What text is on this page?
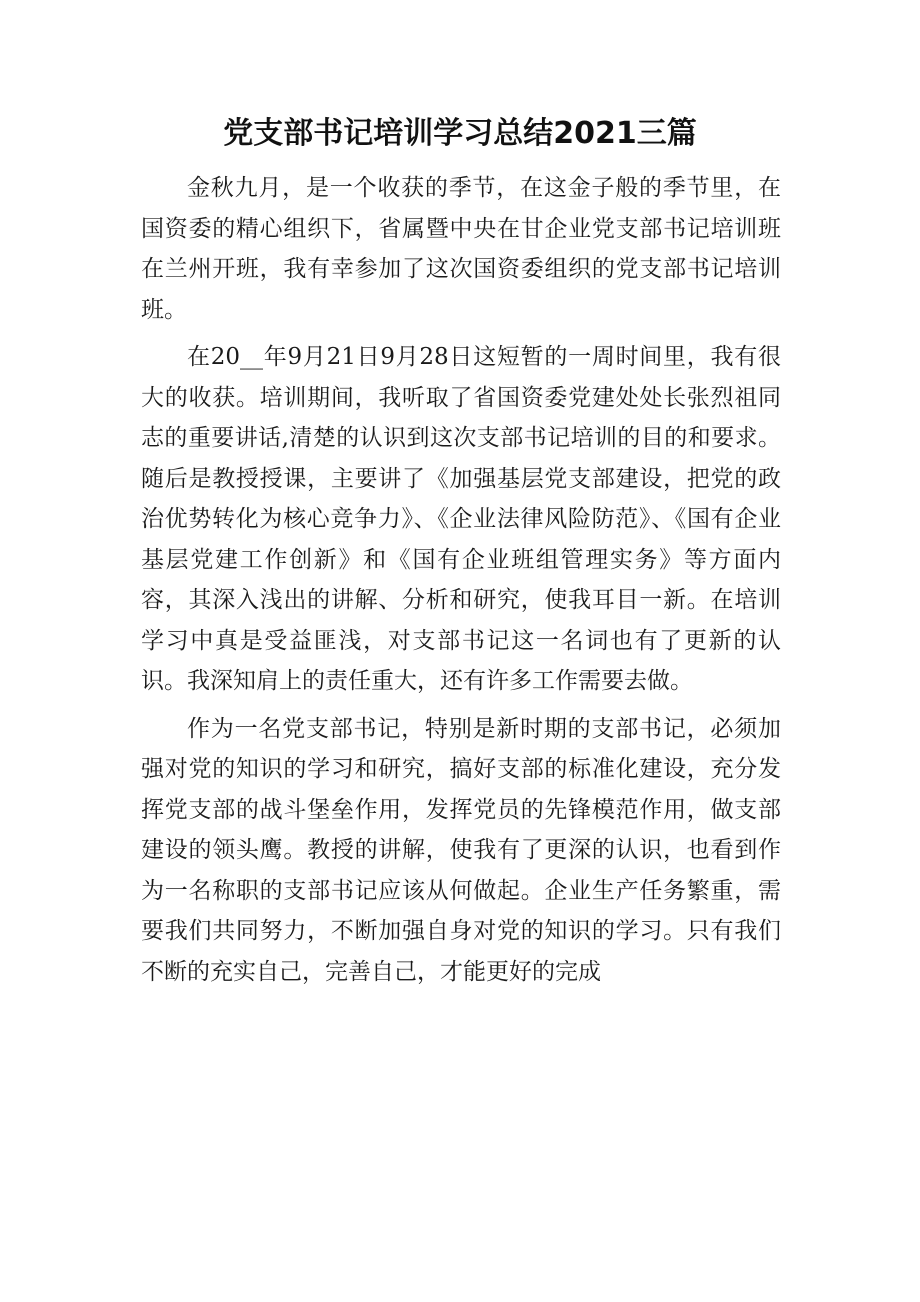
党支部书记培训学习总结2021三篇

金秋九月，是一个收获的季节，在这金子般的季节里，在国资委的精心组织下，省属暨中央在甘企业党支部书记培训班在兰州开班，我有幸参加了这次国资委组织的党支部书记培训班。

在20__年9月21日9月28日这短暂的一周时间里，我有很大的收获。培训期间，我听取了省国资委党建处处长张烈祖同志的重要讲话,清楚的认识到这次支部书记培训的目的和要求。随后是教授授课，主要讲了《加强基层党支部建设，把党的政治优势转化为核心竞争力》、《企业法律风险防范》、《国有企业基层党建工作创新》和《国有企业班组管理实务》等方面内容，其深入浅出的讲解、分析和研究，使我耳目一新。在培训学习中真是受益匪浅，对支部书记这一名词也有了更新的认识。我深知肩上的责任重大，还有许多工作需要去做。

作为一名党支部书记，特别是新时期的支部书记，必须加强对党的知识的学习和研究，搞好支部的标准化建设，充分发挥党支部的战斗堡垒作用，发挥党员的先锋模范作用，做支部建设的领头鹰。教授的讲解，使我有了更深的认识，也看到作为一名称职的支部书记应该从何做起。企业生产任务繁重，需要我们共同努力，不断加强自身对党的知识的学习。只有我们不断的充实自己，完善自己，才能更好的完成
